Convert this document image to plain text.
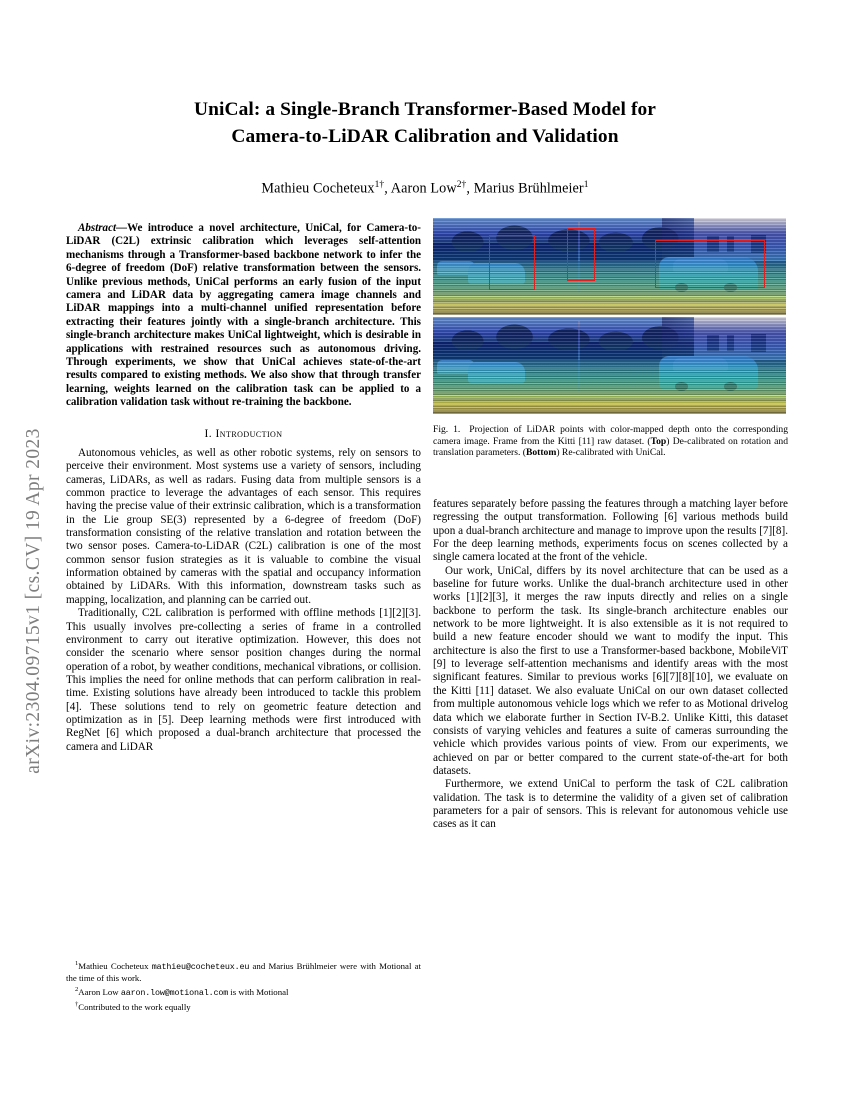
arXiv:2304.09715v1 [cs.CV] 19 Apr 2023
UniCal: a Single-Branch Transformer-Based Model for
Camera-to-LiDAR Calibration and Validation
Mathieu Cocheteux$^{1\dagger}$, Aaron Low$^{2\dagger}$, Marius Brühlmeier$^1$

Abstract—We introduce a novel architecture, UniCal, for Camera-to-LiDAR (C2L) extrinsic calibration which leverages self-attention mechanisms through a Transformer-based backbone network to infer the 6-degree of freedom (DoF) relative transformation between the sensors. Unlike previous methods, UniCal performs an early fusion of the input camera and LiDAR data by aggregating camera image channels and LiDAR mappings into a multi-channel unified representation before extracting their features jointly with a single-branch architecture. This single-branch architecture makes UniCal lightweight, which is desirable in applications with restrained resources such as autonomous driving. Through experiments, we show that UniCal achieves state-of-the-art results compared to existing methods. We also show that through transfer learning, weights learned on the calibration task can be applied to a calibration validation task without re-training the backbone.

I. Introduction

Autonomous vehicles, as well as other robotic systems, rely on sensors to perceive their environment. Most systems use a variety of sensors, including cameras, LiDARs, as well as radars. Fusing data from multiple sensors is a common practice to leverage the advantages of each sensor. This requires having the precise value of their extrinsic calibration, which is a transformation in the Lie group SE(3) represented by a 6-degree of freedom (DoF) transformation consisting of the relative translation and rotation between the two sensor poses. Camera-to-LiDAR (C2L) calibration is one of the most common sensor fusion strategies as it is valuable to combine the visual information obtained by cameras with the spatial and occupancy information obtained by LiDARs. With this information, downstream tasks such as mapping, localization, and planning can be carried out.

Traditionally, C2L calibration is performed with offline methods [1][2][3]. This usually involves pre-collecting a series of frame in a controlled environment to carry out iterative optimization. However, this does not consider the scenario where sensor position changes during the normal operation of a robot, by weather conditions, mechanical vibrations, or collision. This implies the need for online methods that can perform calibration in real-time. Existing solutions have already been introduced to tackle this problem [4]. These solutions tend to rely on geometric feature detection and optimization as in [5]. Deep learning methods were first introduced with RegNet [6] which proposed a dual-branch architecture that processed the camera and LiDAR

Fig. 1. Projection of LiDAR points with color-mapped depth onto the corresponding camera image. Frame from the Kitti [11] raw dataset. (Top) De-calibrated on rotation and translation parameters. (Bottom) Re-calibrated with UniCal.

features separately before passing the features through a matching layer before regressing the output transformation. Following [6] various methods build upon a dual-branch architecture and manage to improve upon the results [7][8]. For the deep learning methods, experiments focus on scenes collected by a single camera located at the front of the vehicle.

Our work, UniCal, differs by its novel architecture that can be used as a baseline for future works. Unlike the dual-branch architecture used in other works [1][2][3], it merges the raw inputs directly and relies on a single backbone to perform the task. Its single-branch architecture enables our network to be more lightweight. It is also extensible as it is not required to build a new feature encoder should we want to modify the input. This architecture is also the first to use a Transformer-based backbone, MobileViT [9] to leverage self-attention mechanisms and identify areas with the most significant features. Similar to previous works [6][7][8][10], we evaluate on the Kitti [11] dataset. We also evaluate UniCal on our own dataset collected from multiple autonomous vehicle logs which we refer to as Motional drivelog data which we elaborate further in Section IV-B.2. Unlike Kitti, this dataset consists of varying vehicles and features a suite of cameras surrounding the vehicle which provides various points of view. From our experiments, we achieved on par or better compared to the current state-of-the-art for both datasets.

Furthermore, we extend UniCal to perform the task of C2L calibration validation. The task is to determine the validity of a given set of calibration parameters for a pair of sensors. This is relevant for autonomous vehicle use cases as it can

$^1$Mathieu Cocheteux mathieu@cocheteux.eu and Marius Brühlmeier were with Motional at the time of this work.

$^2$Aaron Low aaron.low@motional.com is with Motional

†Contributed to the work equally
